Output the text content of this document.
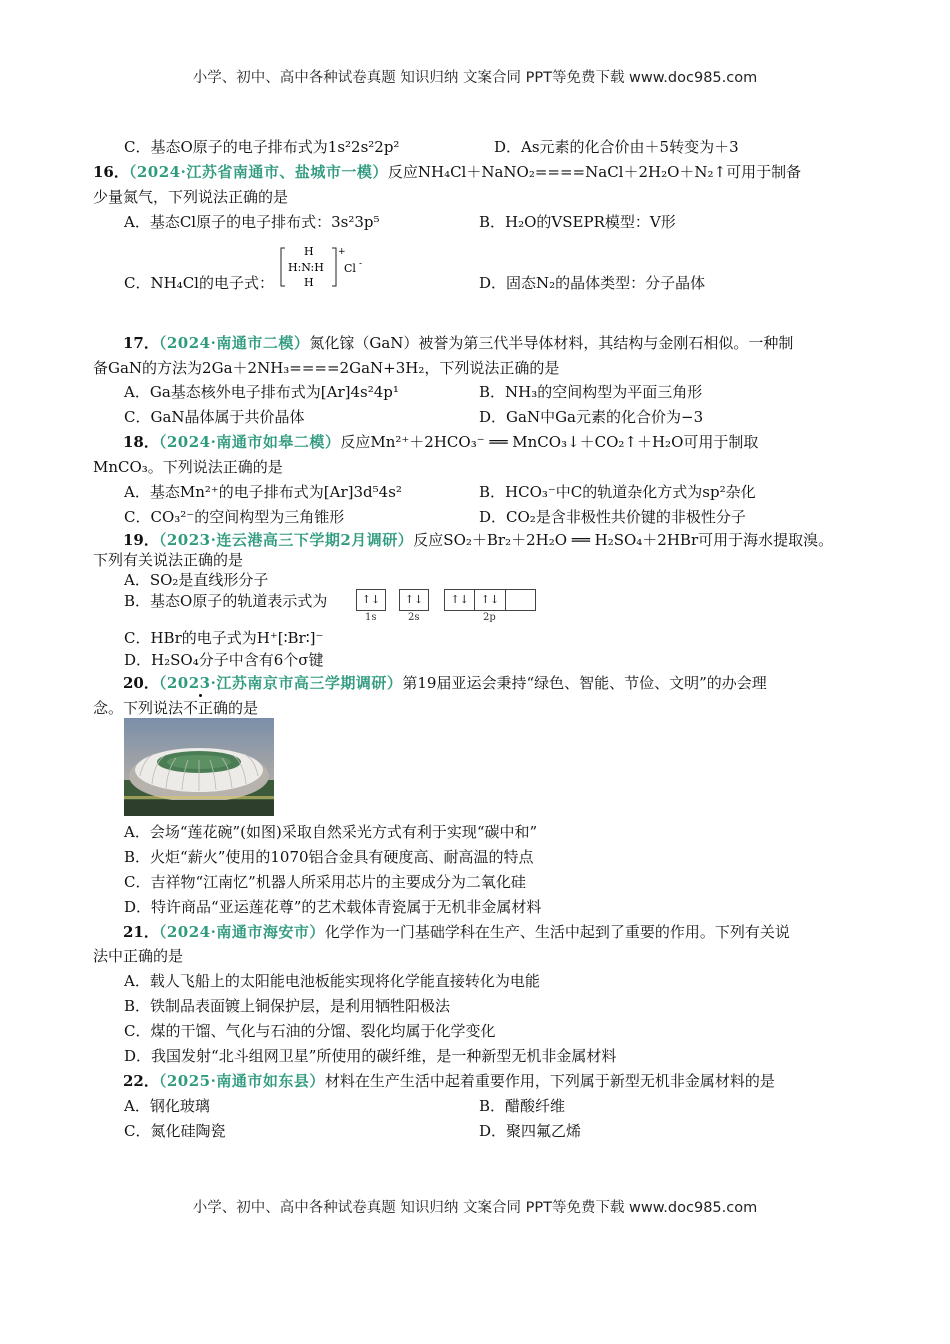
小学、初中、高中各种试卷真题 知识归纳 文案合同 PPT等免费下载 www.doc985.com
C．基态O原子的电子排布式为1s²2s²2p²	D．As元素的化合价由＋5转变为＋3
16．（2024·江苏省南通市、盐城市一模）反应NH₄Cl＋NaNO₂====NaCl＋2H₂O＋N₂↑可用于制备
少量氮气，下列说法正确的是
A．基态Cl原子的电子排布式：3s²3p⁵	B．H₂O的VSEPR模型：V形
C．NH₄Cl的电子式：
H
H:N:H
H
+
Cl -
D．固态N₂的晶体类型：分子晶体
17．（2024·南通市二模）氮化镓（GaN）被誉为第三代半导体材料，其结构与金刚石相似。一种制
备GaN的方法为2Ga＋2NH₃====2GaN+3H₂，下列说法正确的是
A．Ga基态核外电子排布式为[Ar]4s²4p¹	B．NH₃的空间构型为平面三角形
C．GaN晶体属于共价晶体	D．GaN中Ga元素的化合价为−3
18．（2024·南通市如皋二模）反应Mn²⁺＋2HCO₃⁻ ══ MnCO₃↓＋CO₂↑＋H₂O可用于制取
MnCO₃。下列说法正确的是
A．基态Mn²⁺的电子排布式为[Ar]3d⁵4s²	B．HCO₃⁻中C的轨道杂化方式为sp²杂化
C．CO₃²⁻的空间构型为三角锥形	D．CO₂是含非极性共价键的非极性分子
19．（2023·连云港高三下学期2月调研）反应SO₂＋Br₂＋2H₂O ══ H₂SO₄＋2HBr可用于海水提取溴。
下列有关说法正确的是
A．SO₂是直线形分子
B．基态O原子的轨道表示式为	↑↓	↑↓	↑↓	↑↓
1s	2s	2p
C．HBr的电子式为H⁺[∶Br∶]⁻
D．H₂SO₄分子中含有6个σ键
20．（2023·江苏南京市高三学期调研）第19届亚运会秉持“绿色、智能、节俭、文明”的办会理
念。下列说法不正确的是
A．会场“莲花碗”(如图)采取自然采光方式有利于实现“碳中和”
B．火炬“薪火”使用的1070铝合金具有硬度高、耐高温的特点
C．吉祥物“江南忆”机器人所采用芯片的主要成分为二氧化硅
D．特许商品“亚运莲花尊”的艺术载体青瓷属于无机非金属材料
21．（2024·南通市海安市）化学作为一门基础学科在生产、生活中起到了重要的作用。下列有关说
法中正确的是
A．载人飞船上的太阳能电池板能实现将化学能直接转化为电能
B．铁制品表面镀上铜保护层，是利用牺牲阳极法
C．煤的干馏、气化与石油的分馏、裂化均属于化学变化
D．我国发射“北斗组网卫星”所使用的碳纤维，是一种新型无机非金属材料
22．（2025·南通市如东县）材料在生产生活中起着重要作用，下列属于新型无机非金属材料的是
A．钢化玻璃	B．醋酸纤维
C．氮化硅陶瓷	D．聚四氟乙烯
小学、初中、高中各种试卷真题 知识归纳 文案合同 PPT等免费下载 www.doc985.com
